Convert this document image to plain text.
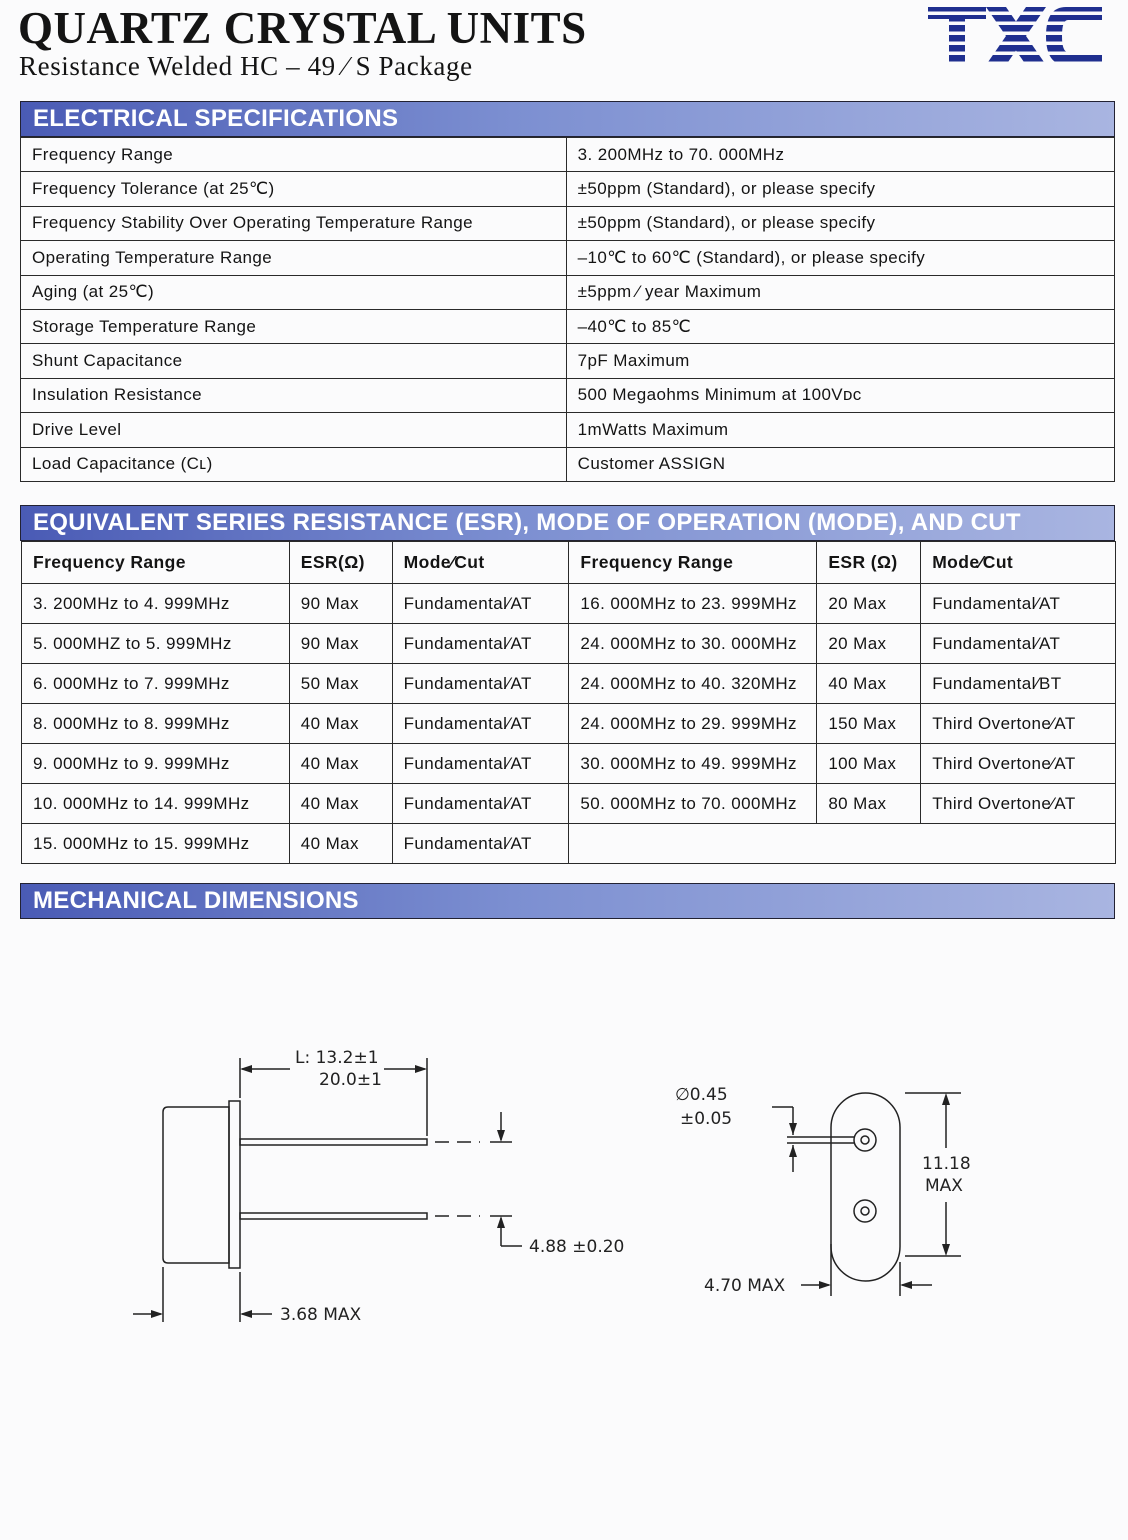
QUARTZ CRYSTAL UNITS
Resistance Welded HC – 49 ⁄ S Package
ELECTRICAL SPECIFICATIONS
Frequency Range	3. 200MHz to 70. 000MHz
Frequency Tolerance (at 25℃)	±50ppm (Standard), or please specify
Frequency Stability Over Operating Temperature Range	±50ppm (Standard), or please specify
Operating Temperature Range	–10℃ to 60℃ (Standard), or please specify
Aging (at 25℃)	±5ppm ⁄ year Maximum
Storage Temperature Range	–40℃ to 85℃
Shunt Capacitance	7pF Maximum
Insulation Resistance	500 Megaohms Minimum at 100Vᴅᴄ
Drive Level	1mWatts Maximum
Load Capacitance (Cʟ)	Customer ASSIGN
EQUIVALENT SERIES RESISTANCE (ESR), MODE OF OPERATION (MODE), AND CUT
Frequency Range	ESR(Ω)	Mode⁄Cut	Frequency Range	ESR (Ω)	Mode⁄Cut
3. 200MHz to 4. 999MHz	90 Max	Fundamental⁄AT	16. 000MHz to 23. 999MHz	20 Max	Fundamental⁄AT
5. 000MHZ to 5. 999MHz	90 Max	Fundamental⁄AT	24. 000MHz to 30. 000MHz	20 Max	Fundamental⁄AT
6. 000MHz to 7. 999MHz	50 Max	Fundamental⁄AT	24. 000MHz to 40. 320MHz	40 Max	Fundamental⁄BT
8. 000MHz to 8. 999MHz	40 Max	Fundamental⁄AT	24. 000MHz to 29. 999MHz	150 Max	Third Overtone⁄AT
9. 000MHz to 9. 999MHz	40 Max	Fundamental⁄AT	30. 000MHz to 49. 999MHz	100 Max	Third Overtone⁄AT
10. 000MHz to 14. 999MHz	40 Max	Fundamental⁄AT	50. 000MHz to 70. 000MHz	80 Max	Third Overtone⁄AT
15. 000MHz to 15. 999MHz	40 Max	Fundamental⁄AT			
MECHANICAL DIMENSIONS
L: 13.2±1
20.0±1
4.88 ±0.20
3.68 MAX
∅0.45
±0.05
11.18
MAX
4.70 MAX
